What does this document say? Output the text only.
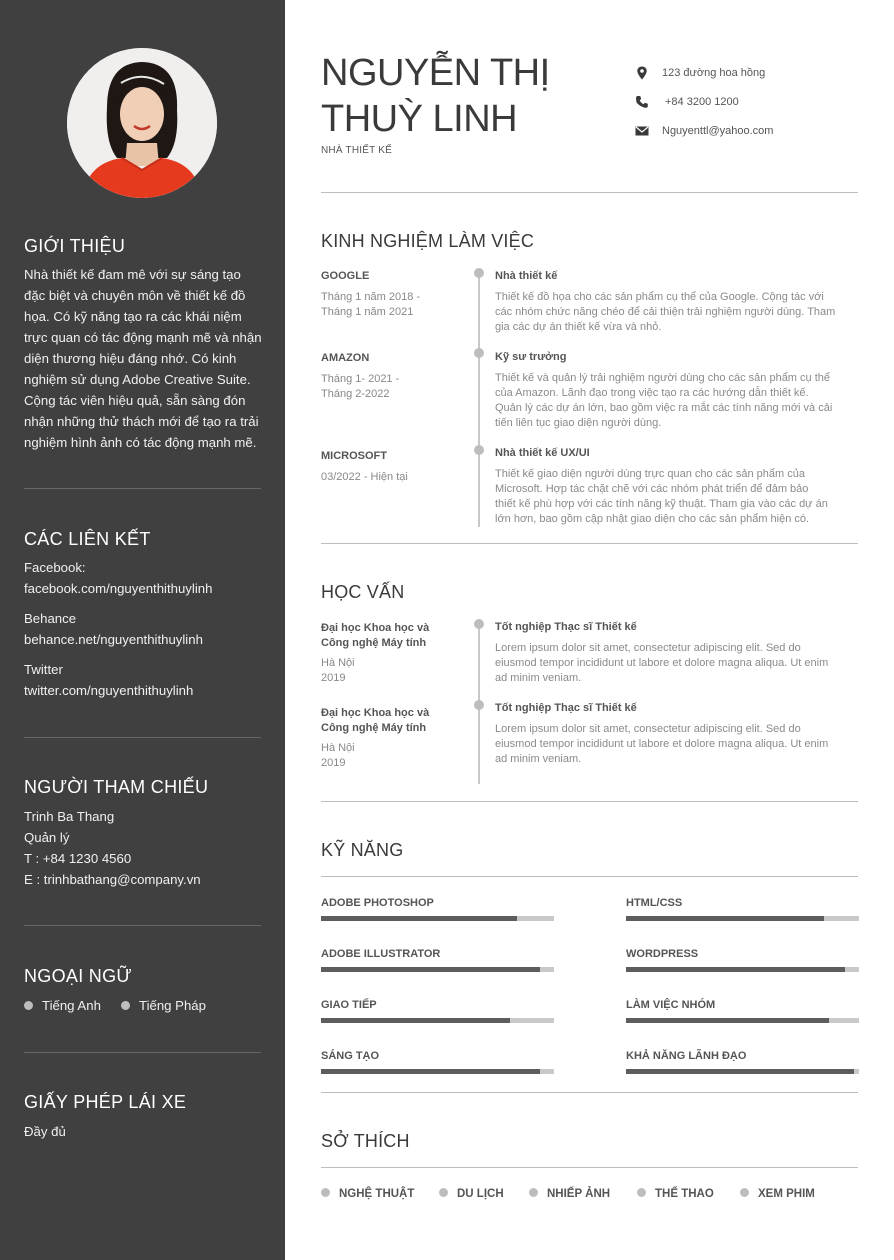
GIỚI THIỆU
Nhà thiết kế đam mê với sự sáng tạo
đặc biệt và chuyên môn về thiết kế đồ
họa. Có kỹ năng tạo ra các khái niệm
trực quan có tác động mạnh mẽ và nhận
diện thương hiệu đáng nhớ. Có kinh
nghiệm sử dụng Adobe Creative Suite.
Cộng tác viên hiệu quả, sẵn sàng đón
nhận những thử thách mới để tạo ra trải
nghiệm hình ảnh có tác động mạnh mẽ.
CÁC LIÊN KẾT
Facebook:
facebook.com/nguyenthithuylinh
Behance
behance.net/nguyenthithuylinh
Twitter
twitter.com/nguyenthithuylinh
NGƯỜI THAM CHIẾU
Trinh Ba Thang
Quản lý
T : +84 1230 4560
E : trinhbathang@company.vn
NGOẠI NGỮ
Tiếng Anh	Tiếng Pháp
GIẤY PHÉP LÁI XE
Đầy đủ
NGUYỄN THỊ
THUỲ LINH
NHÀ THIẾT KẾ
123 đường hoa hồng
+84 3200 1200
Nguyenttl@yahoo.com
KINH NGHIỆM LÀM VIỆC
GOOGLE
Tháng 1 năm 2018 -
Tháng 1 năm 2021
Nhà thiết kế
Thiết kế đồ họa cho các sản phẩm cụ thể của Google. Cộng tác với
các nhóm chức năng chéo để cải thiện trải nghiệm người dùng. Tham
gia các dự án thiết kế vừa và nhỏ.
AMAZON
Tháng 1- 2021 -
Tháng 2-2022
Kỹ sư trưởng
Thiết kế và quản lý trải nghiệm người dùng cho các sản phẩm cụ thể
của Amazon. Lãnh đạo trong việc tạo ra các hướng dẫn thiết kế.
Quản lý các dự án lớn, bao gồm việc ra mắt các tính năng mới và cải
tiến liên tục giao diện người dùng.
MICROSOFT
03/2022 - Hiện tại
Nhà thiết kế UX/UI
Thiết kế giao diện người dùng trực quan cho các sản phẩm của
Microsoft. Hợp tác chặt chẽ với các nhóm phát triển để đảm bảo
thiết kế phù hợp với các tính năng kỹ thuật. Tham gia vào các dự án
lớn hơn, bao gồm cập nhật giao diện cho các sản phẩm hiện có.
HỌC VẤN
Đại học Khoa học và
Công nghệ Máy tính
Hà Nội
2019
Tốt nghiệp Thạc sĩ Thiết kế
Lorem ipsum dolor sit amet, consectetur adipiscing elit. Sed do
eiusmod tempor incididunt ut labore et dolore magna aliqua. Ut enim
ad minim veniam.
Đại học Khoa học và
Công nghệ Máy tính
Hà Nội
2019
Tốt nghiệp Thạc sĩ Thiết kế
Lorem ipsum dolor sit amet, consectetur adipiscing elit. Sed do
eiusmod tempor incididunt ut labore et dolore magna aliqua. Ut enim
ad minim veniam.
KỸ NĂNG
ADOBE PHOTOSHOP	HTML/CSS
ADOBE ILLUSTRATOR	WORDPRESS
GIAO TIẾP	LÀM VIỆC NHÓM
SÁNG TẠO	KHẢ NĂNG LÃNH ĐẠO
SỞ THÍCH
NGHỆ THUẬT	DU LỊCH	NHIẾP ẢNH	THỂ THAO	XEM PHIM
